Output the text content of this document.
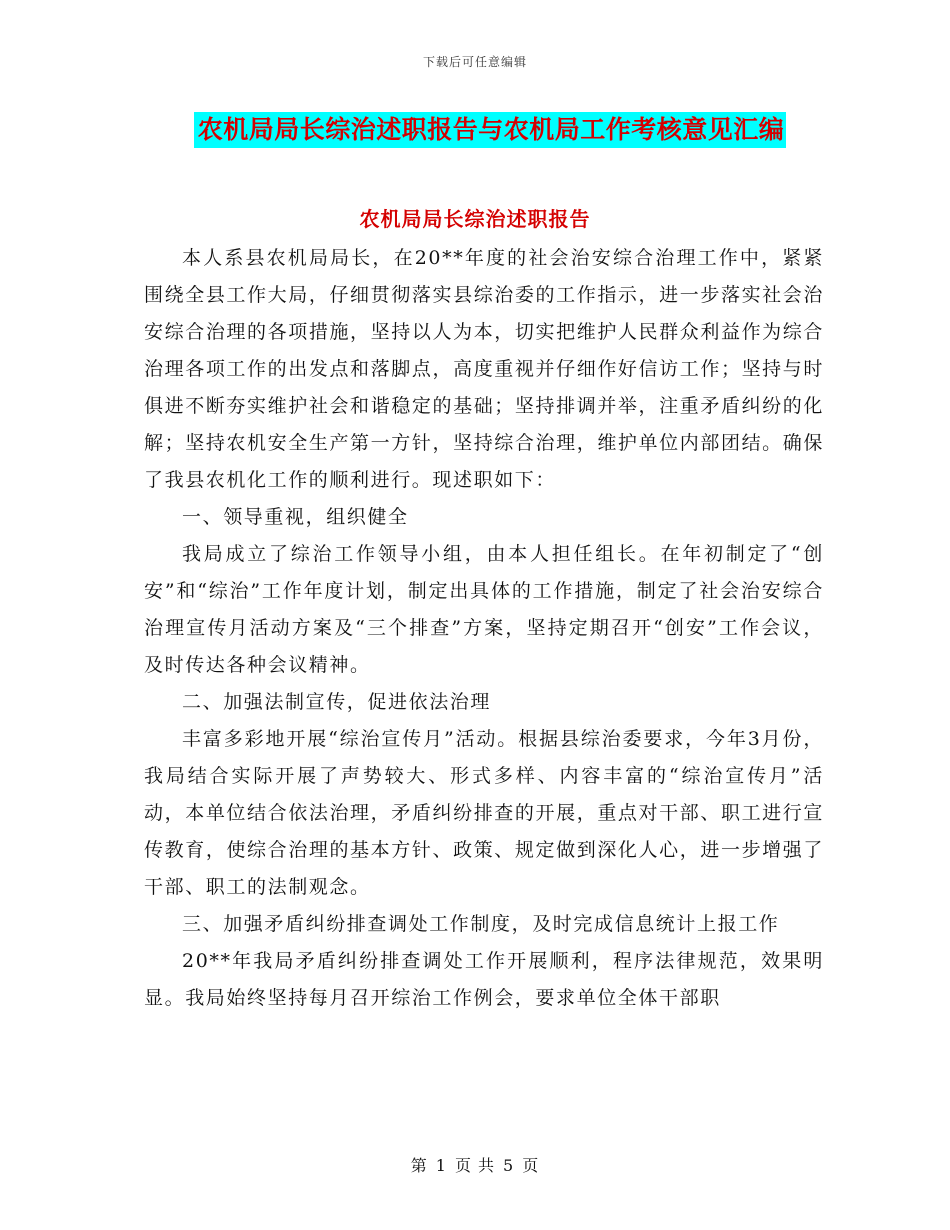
下载后可任意编辑
农机局局长综治述职报告与农机局工作考核意见汇编
农机局局长综治述职报告

本人系县农机局局长，在20**年度的社会治安综合治理工作中，紧紧围绕全县工作大局，仔细贯彻落实县综治委的工作指示，进一步落实社会治安综合治理的各项措施，坚持以人为本，切实把维护人民群众利益作为综合治理各项工作的出发点和落脚点，高度重视并仔细作好信访工作；坚持与时俱进不断夯实维护社会和谐稳定的基础；坚持排调并举，注重矛盾纠纷的化解；坚持农机安全生产第一方针，坚持综合治理，维护单位内部团结。确保了我县农机化工作的顺利进行。现述职如下：

一、领导重视，组织健全

我局成立了综治工作领导小组，由本人担任组长。在年初制定了“创安”和“综治”工作年度计划，制定出具体的工作措施，制定了社会治安综合治理宣传月活动方案及“三个排查”方案，坚持定期召开“创安”工作会议，及时传达各种会议精神。

二、加强法制宣传，促进依法治理

丰富多彩地开展“综治宣传月”活动。根据县综治委要求，今年3月份，我局结合实际开展了声势较大、形式多样、内容丰富的“综治宣传月”活动，本单位结合依法治理，矛盾纠纷排查的开展，重点对干部、职工进行宣传教育，使综合治理的基本方针、政策、规定做到深化人心，进一步增强了干部、职工的法制观念。

三、加强矛盾纠纷排查调处工作制度，及时完成信息统计上报工作

20**年我局矛盾纠纷排查调处工作开展顺利，程序法律规范，效果明显。我局始终坚持每月召开综治工作例会，要求单位全体干部职

第 1 页 共 5 页
